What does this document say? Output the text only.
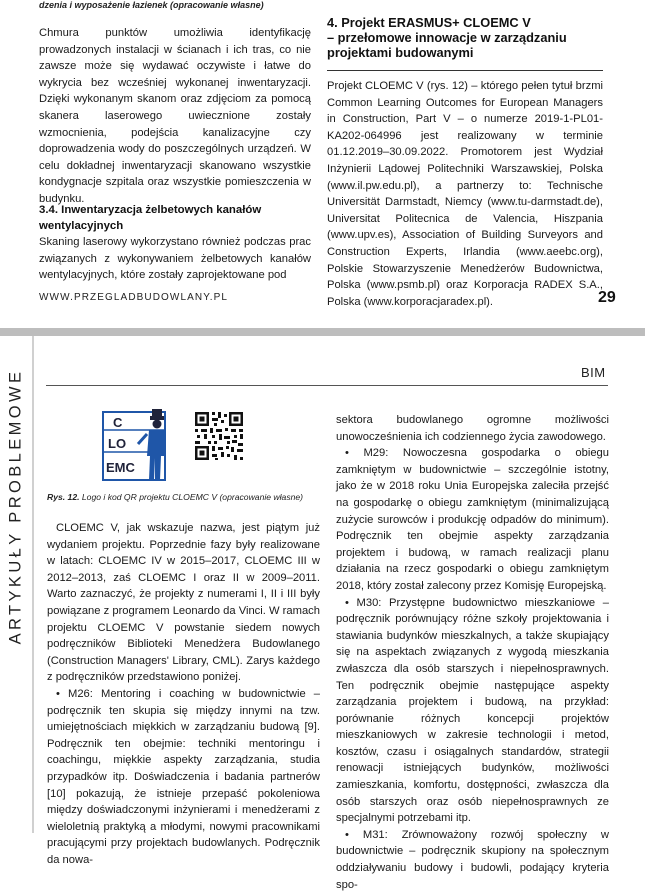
dzenia i wyposażenie łazienek (opracowanie własne)
Chmura punktów umożliwia identyfikację prowadzonych instalacji w ścianach i ich tras, co nie zawsze może się wydawać oczywiste i łatwe do wykrycia bez wcześniej wykonanej inwentaryzacji. Dzięki wykonanym skanom oraz zdjęciom za pomocą skanera laserowego uwiecznione zostały wzmocnienia, podejścia kanalizacyjne czy doprowadzenia wody do poszczególnych urządzeń. W celu dokładnej inwentaryzacji skanowano wszystkie kondygnacje szpitala oraz wszystkie pomieszczenia w budynku.
3.4. Inwentaryzacja żelbetowych kanałów wentylacyjnych
Skaning laserowy wykorzystano również podczas prac związanych z wykonywaniem żelbetowych kanałów wentylacyjnych, które zostały zaprojektowane pod
4. Projekt ERASMUS+ CLOEMC V
– przełomowe innowacje w zarządzaniu projektami budowanymi
Projekt CLOEMC V (rys. 12) – którego pełen tytuł brzmi Common Learning Outcomes for European Managers in Construction, Part V – o numerze 2019-1-PL01-KA202-064996 jest realizowany w terminie 01.12.2019–30.09.2022. Promotorem jest Wydział Inżynierii Lądowej Politechniki Warszawskiej, Polska (www.il.pw.edu.pl), a partnerzy to: Technische Universität Darmstadt, Niemcy (www.tu-darmstadt.de), Universitat Politecnica de Valencia, Hiszpania (www.upv.es), Association of Building Surveyors and Construction Experts, Irlandia (www.aeebc.org), Polskie Stowarzyszenie Menedżerów Budownictwa, Polska (www.psmb.pl) oraz Korporacja RADEX S.A., Polska (www.korporacjaradex.pl).
WWW.PRZEGLADBUDOWLANY.PL	29
ARTYKUŁY PROBLEMOWE	BIM
C
LO
EMC
Rys. 12. Logo i kod QR projektu CLOEMC V (opracowanie własne)

CLOEMC V, jak wskazuje nazwa, jest piątym już wydaniem projektu. Poprzednie fazy były realizowane w latach: CLOEMC IV w 2015–2017, CLOEMC III w 2012–2013, zaś CLOEMC I oraz II w 2009–2011. Warto zaznaczyć, że projekty z numerami I, II i III były powiązane z programem Leonardo da Vinci. W ramach projektu CLOEMC V powstanie siedem nowych podręczników Biblioteki Menedżera Budowlanego (Construction Managers' Library, CML). Zarys każdego z podręczników przedstawiono poniżej.

• M26: Mentoring i coaching w budownictwie – podręcznik ten skupia się między innymi na tzw. umiejętnościach miękkich w zarządzaniu budową [9]. Podręcznik ten obejmie: techniki mentoringu i coachingu, miękkie aspekty zarządzania, studia przypadków itp. Doświadczenia i badania partnerów [10] pokazują, że istnieje przepaść pokoleniowa między doświadczonymi inżynierami i menedżerami z wieloletnią praktyką a młodymi, nowymi pracownikami pracującymi przy projektach budowlanych. Podręcznik da nowa-

sektora budowlanego ogromne możliwości unowocześnienia ich codziennego życia zawodowego.

• M29: Nowoczesna gospodarka o obiegu zamkniętym w budownictwie – szczególnie istotny, jako że w 2018 roku Unia Europejska zaleciła przejść na gospodarkę o obiegu zamkniętym (minimalizującą zużycie surowców i produkcję odpadów do minimum). Podręcznik ten obejmie aspekty zarządzania projektem i budową, w ramach realizacji planu działania na rzecz gospodarki o obiegu zamkniętym 2018, który został zalecony przez Komisję Europejską.

• M30: Przystępne budownictwo mieszkaniowe – podręcznik porównujący różne szkoły projektowania i stawiania budynków mieszkalnych, a także skupiający się na aspektach związanych z wygodą mieszkania zwłaszcza dla osób starszych i niepełnosprawnych. Ten podręcznik obejmie następujące aspekty zarządzania projektem i budową, na przykład: porównanie różnych koncepcji projektów mieszkaniowych w zakresie technologii i metod, kosztów, czasu i osiągalnych standardów, strategii renowacji istniejących budynków, możliwości zamieszkania, komfortu, dostępności, zwłaszcza dla osób starszych oraz osób niepełnosprawnych ze specjalnymi potrzebami itp.

• M31: Zrównoważony rozwój społeczny w budownictwie – podręcznik skupiony na społecznym oddziaływaniu budowy i budowli, podający kryteria spo-
